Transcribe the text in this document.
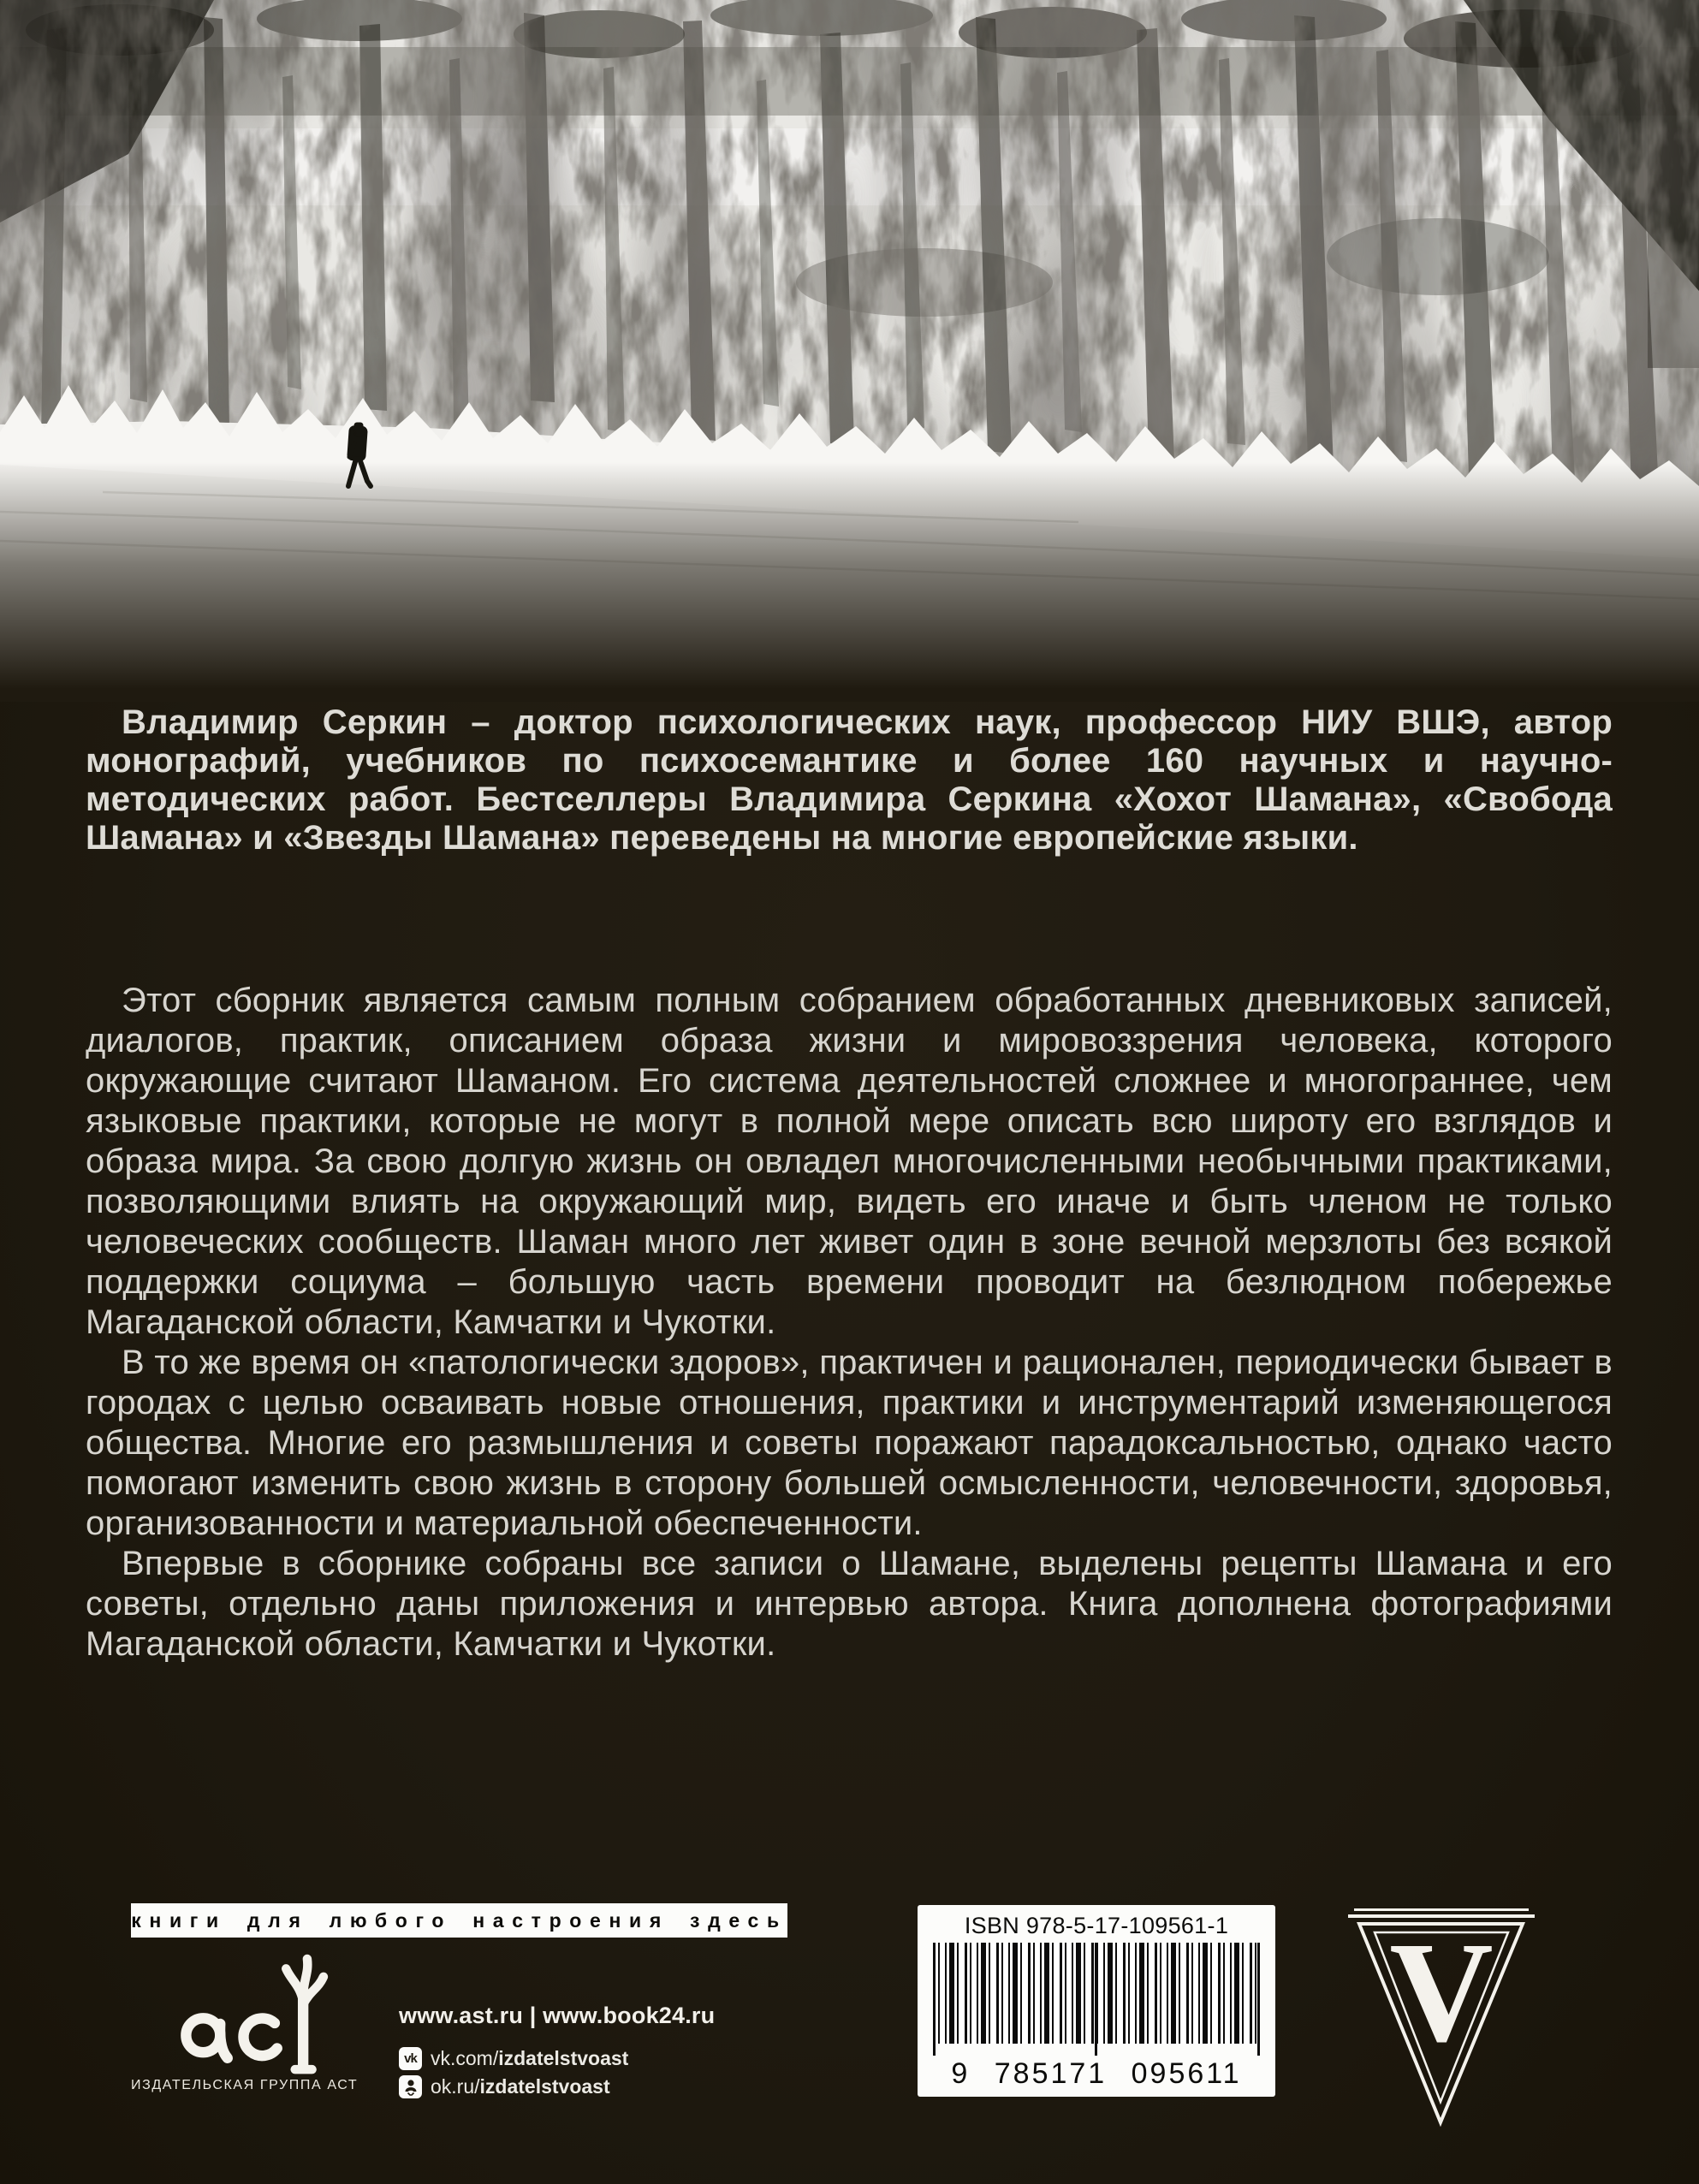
Владимир Серкин – доктор психологических наук, профессор НИУ ВШЭ, автор монографий, учебников по психосемантике и более 160 научных и научно-методических работ. Бестселлеры Владимира Серкина «Хохот Шамана», «Свобода Шамана» и «Звезды Шамана» переведены на многие европейские языки.

Этот сборник является самым полным собранием обработанных дневниковых записей, диалогов, практик, описанием образа жизни и мировоззрения человека, которого окружающие считают Шаманом. Его система деятельностей сложнее и многограннее, чем языковые практики, которые не могут в полной мере описать всю широту его взглядов и образа мира. За свою долгую жизнь он овладел многочисленными необычными практиками, позволяющими влиять на окружающий мир, видеть его иначе и быть членом не только человеческих сообществ. Шаман много лет живет один в зоне вечной мерзлоты без всякой поддержки социума – большую часть времени проводит на безлюдном побережье Магаданской области, Камчатки и Чукотки.

В то же время он «патологически здоров», практичен и рационален, периодически бывает в городах с целью осваивать новые отношения, практики и инструментарий изменяющегося общества. Многие его размышления и советы поражают парадоксальностью, однако часто помогают изменить свою жизнь в сторону большей осмысленности, человечности, здоровья, организованности и материальной обеспеченности.

Впервые в сборнике собраны все записи о Шамане, выделены рецепты Шамана и его советы, отдельно даны приложения и интервью автора. Книга дополнена фотографиями Магаданской области, Камчатки и Чукотки.

книги для любого настроения здесь
ИЗДАТЕЛЬСКАЯ ГРУППА АСТ
www.ast.ru | www.book24.ru
vk vk.com/izdatelstvoast
ok.ru/izdatelstvoast
ISBN 978-5-17-109561-1
9 785171 095611
V
